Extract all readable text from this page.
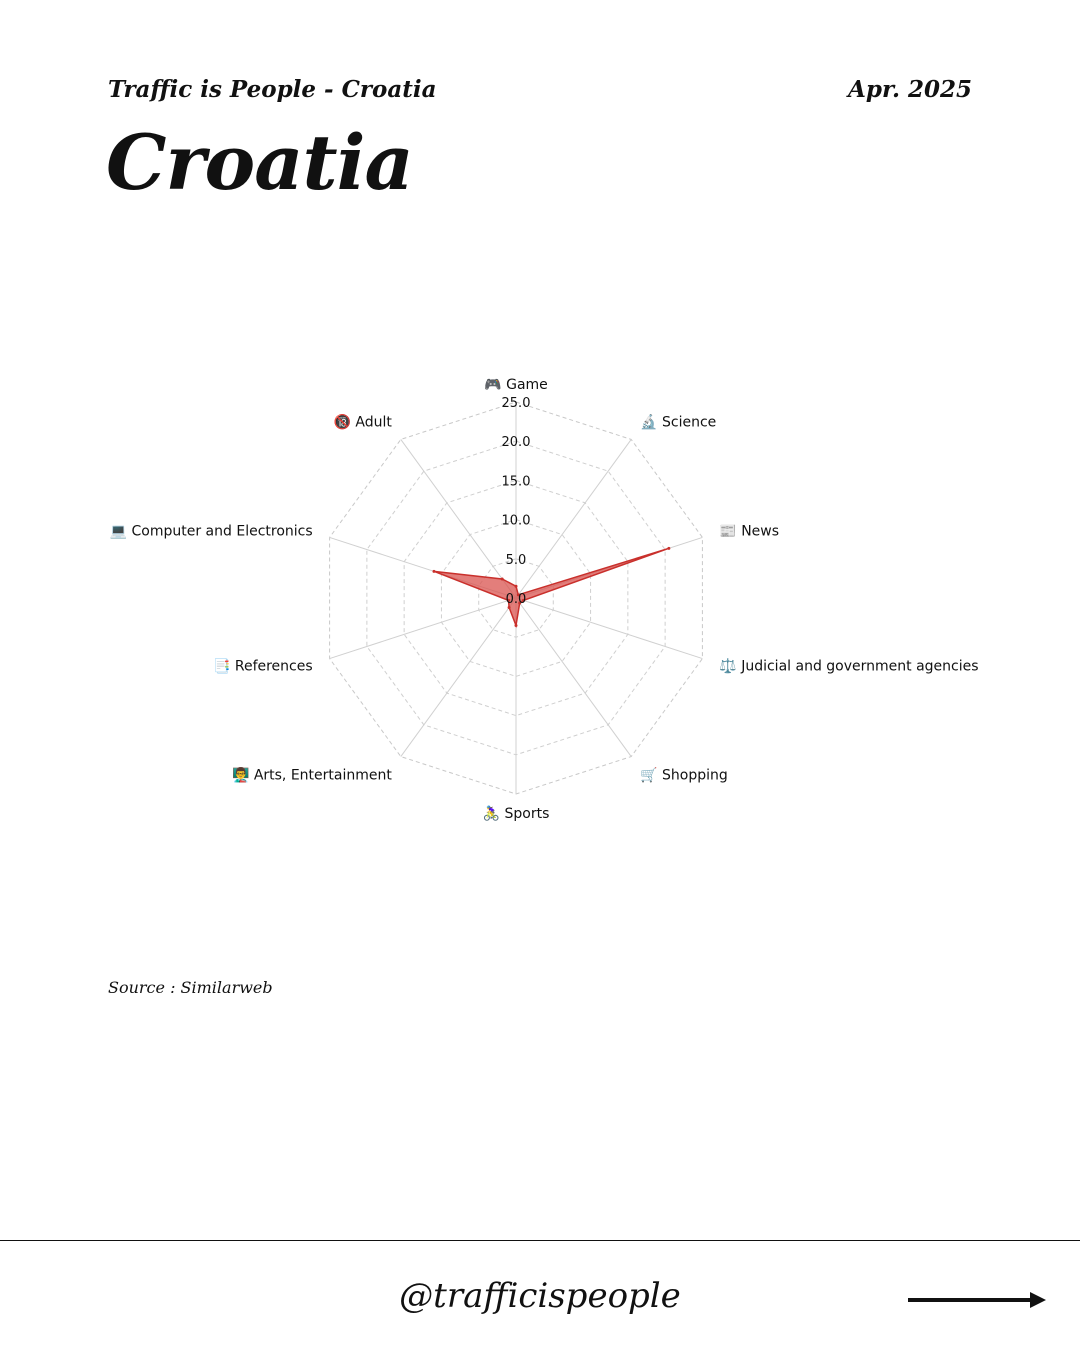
Traffic is People - Croatia	Apr. 2025
Croatia
0.0
5.0
10.0
15.0
20.0
25.0
🎮 Game
🔬 Science
📰 News
⚖️ Judicial and government agencies
🛒 Shopping
🚴‍♀️ Sports
👨‍🏫 Arts, Entertainment
📑 References
💻 Computer and Electronics
🔞 Adult
Source : Similarweb
@trafficispeople
